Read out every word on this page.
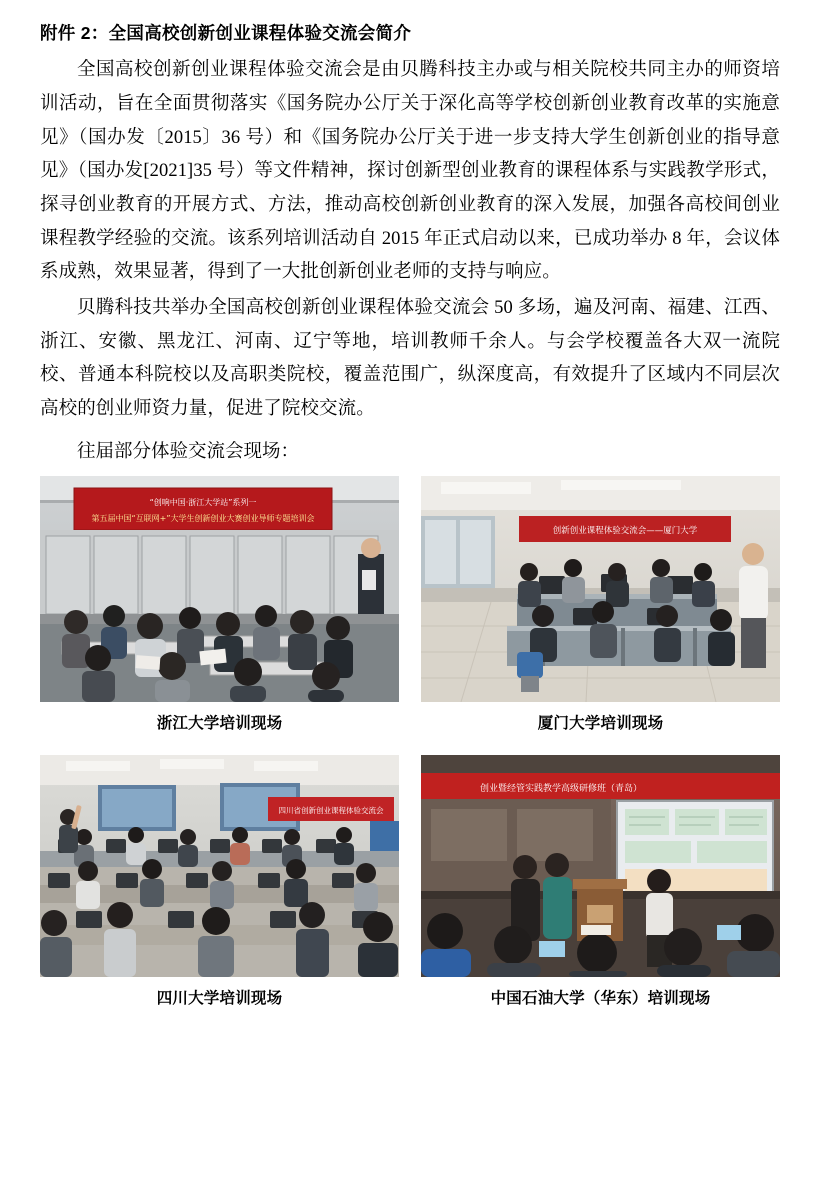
附件 2：全国高校创新创业课程体验交流会简介

全国高校创新创业课程体验交流会是由贝腾科技主办或与相关院校共同主办的师资培训活动，旨在全面贯彻落实《国务院办公厅关于深化高等学校创新创业教育改革的实施意见》（国办发〔2015〕36 号）和《国务院办公厅关于进一步支持大学生创新创业的指导意见》（国办发[2021]35 号）等文件精神，探讨创新型创业教育的课程体系与实践教学形式，探寻创业教育的开展方式、方法，推动高校创新创业教育的深入发展，加强各高校间创业课程教学经验的交流。该系列培训活动自 2015 年正式启动以来，已成功举办 8 年，会议体系成熟，效果显著，得到了一大批创新创业老师的支持与响应。

贝腾科技共举办全国高校创新创业课程体验交流会 50 多场，遍及河南、福建、江西、浙江、安徽、黑龙江、河南、辽宁等地，培训教师千余人。与会学校覆盖各大双一流院校、普通本科院校以及高职类院校，覆盖范围广，纵深度高，有效提升了区域内不同层次高校的创业师资力量，促进了院校交流。

往届部分体验交流会现场：

“创响中国·浙江大学站”系列一
第五届中国“互联网+”大学生创新创业大赛创业导师专题培训会
浙江大学培训现场
创新创业课程体验交流会——厦门大学
厦门大学培训现场
四川省创新创业课程体验交流会
四川大学培训现场
创业暨经管实践教学高级研修班（青岛）
中国石油大学（华东）培训现场
